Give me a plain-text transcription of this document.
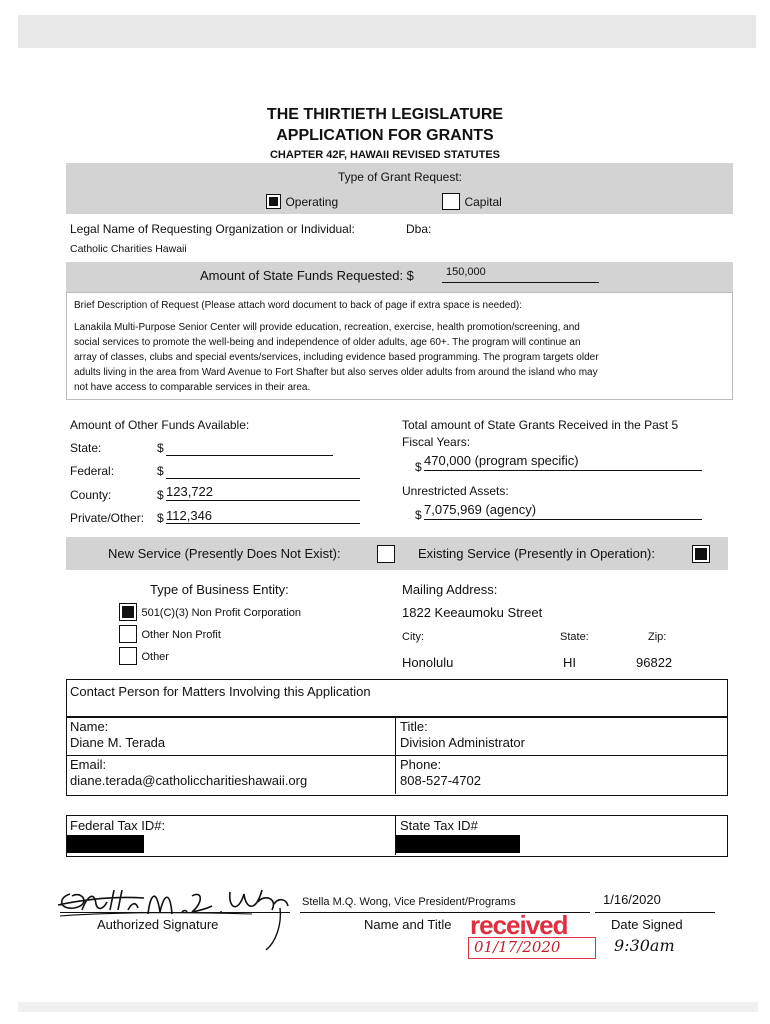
THE THIRTIETH LEGISLATURE
APPLICATION FOR GRANTS
CHAPTER 42F, HAWAII REVISED STATUTES
Type of Grant Request:
Operating	Capital
Legal Name of Requesting Organization or Individual:	Dba:
Catholic Charities Hawaii
Amount of State Funds Requested: $	150,000
Brief Description of Request (Please attach word document to back of page if extra space is needed):
Lanakila Multi-Purpose Senior Center will provide education, recreation, exercise, health promotion/screening, and
social services to promote the well-being and independence of older adults, age 60+. The program will continue an
array of classes, clubs and special events/services, including evidence based programming. The program targets older
adults living in the area from Ward Avenue to Fort Shafter but also serves older adults from around the island who may
not have access to comparable services in their area.
Amount of Other Funds Available:
State:	$
Federal:	$
County:	$ 123,722
Private/Other: $ 112,346
Total amount of State Grants Received in the Past 5
Fiscal Years:
$ 470,000 (program specific)
Unrestricted Assets:
$ 7,075,969 (agency)
New Service (Presently Does Not Exist):	Existing Service (Presently in Operation):
Type of Business Entity:
501(C)(3) Non Profit Corporation
Other Non Profit
Other
Mailing Address:
1822 Keeaumoku Street
City:	State:	Zip:
Honolulu	HI	96822
Contact Person for Matters Involving this Application
Name:
Diane M. Terada
Title:
Division Administrator
Email:
diane.terada@catholiccharitieshawaii.org
Phone:
808-527-4702
Federal Tax ID#:	State Tax ID#
Authorized Signature
Stella M.Q. Wong, Vice President/Programs
Name and Title
1/16/2020
Date Signed
received
01/17/2020	9:30am
